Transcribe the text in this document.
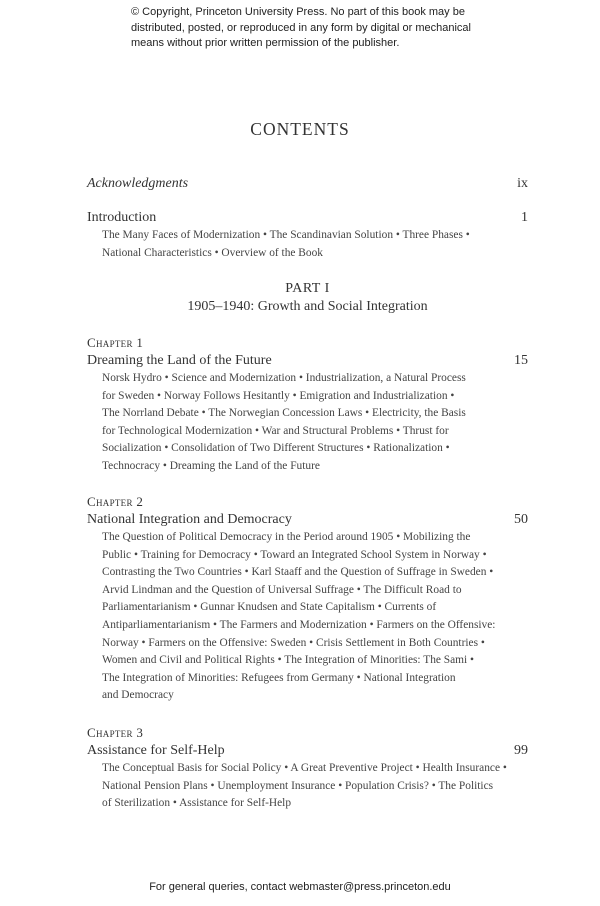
© Copyright, Princeton University Press. No part of this book may be
distributed, posted, or reproduced in any form by digital or mechanical
means without prior written permission of the publisher.
CONTENTS
Acknowledgments	ix
Introduction	1
The Many Faces of Modernization • The Scandinavian Solution • Three Phases •
National Characteristics • Overview of the Book
PART I
1905–1940: Growth and Social Integration
Chapter 1
Dreaming the Land of the Future	15
Norsk Hydro • Science and Modernization • Industrialization, a Natural Process
for Sweden • Norway Follows Hesitantly • Emigration and Industrialization •
The Norrland Debate • The Norwegian Concession Laws • Electricity, the Basis
for Technological Modernization • War and Structural Problems • Thrust for
Socialization • Consolidation of Two Different Structures • Rationalization •
Technocracy • Dreaming the Land of the Future
Chapter 2
National Integration and Democracy	50
The Question of Political Democracy in the Period around 1905 • Mobilizing the
Public • Training for Democracy • Toward an Integrated School System in Norway •
Contrasting the Two Countries • Karl Staaff and the Question of Suffrage in Sweden •
Arvid Lindman and the Question of Universal Suffrage • The Difficult Road to
Parliamentarianism • Gunnar Knudsen and State Capitalism • Currents of
Antiparliamentarianism • The Farmers and Modernization • Farmers on the Offensive:
Norway • Farmers on the Offensive: Sweden • Crisis Settlement in Both Countries •
Women and Civil and Political Rights • The Integration of Minorities: The Sami •
The Integration of Minorities: Refugees from Germany • National Integration
and Democracy
Chapter 3
Assistance for Self-Help	99
The Conceptual Basis for Social Policy • A Great Preventive Project • Health Insurance •
National Pension Plans • Unemployment Insurance • Population Crisis? • The Politics
of Sterilization • Assistance for Self-Help
For general queries, contact webmaster@press.princeton.edu
